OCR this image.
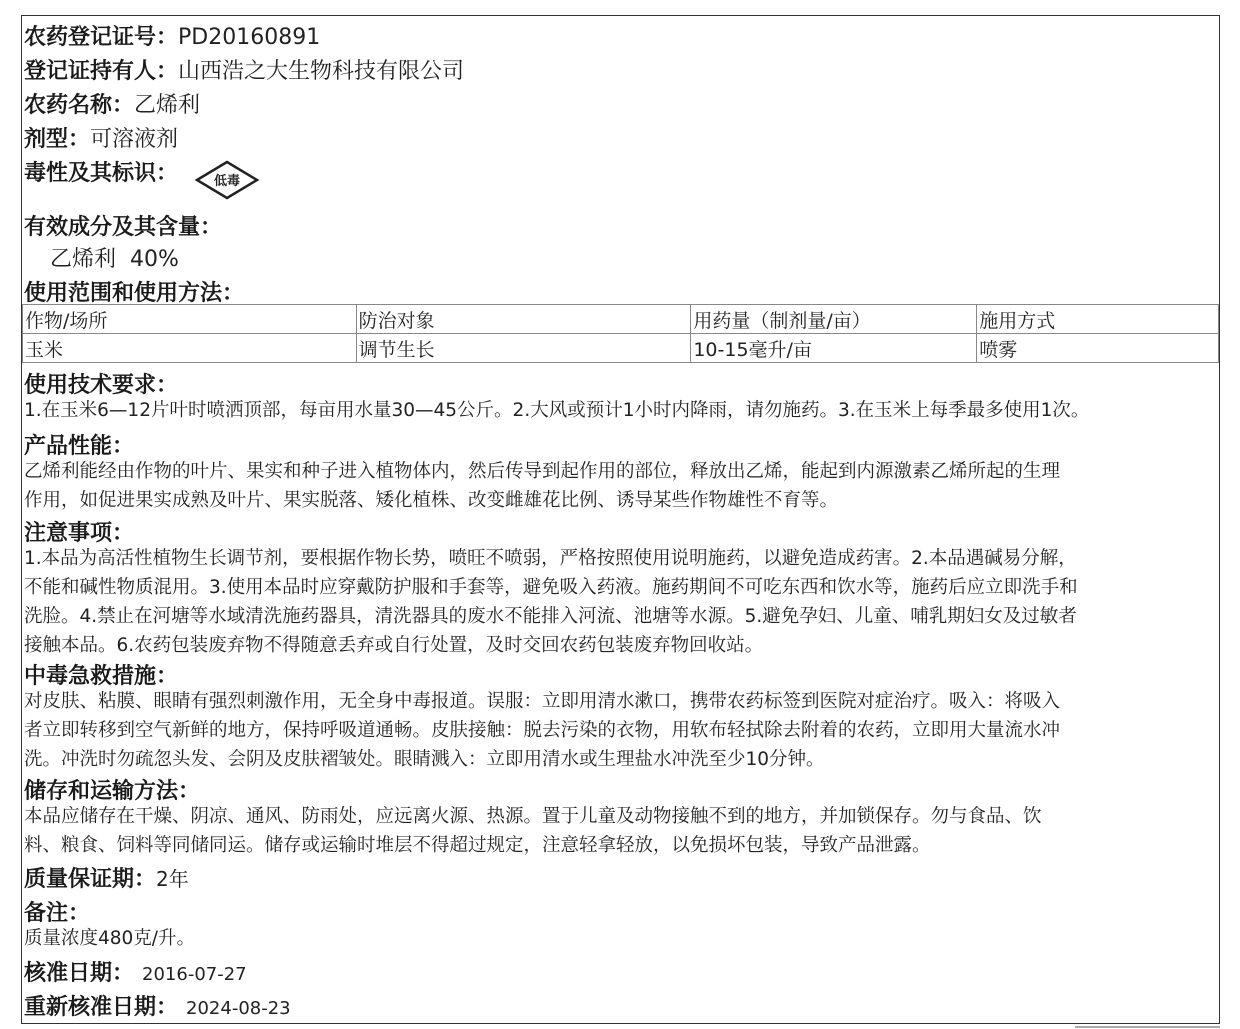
农药登记证号：PD20160891
登记证持有人：山西浩之大生物科技有限公司
农药名称：乙烯利
剂型：可溶液剂
毒性及其标识：	低毒
有效成分及其含量：
乙烯利  40%
使用范围和使用方法：
作物/场所	防治对象	用药量（制剂量/亩）	施用方式
玉米	调节生长	10-15毫升/亩	喷雾
使用技术要求：
1.在玉米6—12片叶时喷洒顶部，每亩用水量30—45公斤。2.大风或预计1小时内降雨，请勿施药。3.在玉米上每季最多使用1次。
产品性能：
乙烯利能经由作物的叶片、果实和种子进入植物体内，然后传导到起作用的部位，释放出乙烯，能起到内源激素乙烯所起的生理
作用，如促进果实成熟及叶片、果实脱落、矮化植株、改变雌雄花比例、诱导某些作物雄性不育等。
注意事项：
1.本品为高活性植物生长调节剂，要根据作物长势，喷旺不喷弱，严格按照使用说明施药，以避免造成药害。2.本品遇碱易分解，
不能和碱性物质混用。3.使用本品时应穿戴防护服和手套等，避免吸入药液。施药期间不可吃东西和饮水等，施药后应立即洗手和
洗脸。4.禁止在河塘等水域清洗施药器具，清洗器具的废水不能排入河流、池塘等水源。5.避免孕妇、儿童、哺乳期妇女及过敏者
接触本品。6.农药包装废弃物不得随意丢弃或自行处置，及时交回农药包装废弃物回收站。
中毒急救措施：
对皮肤、粘膜、眼睛有强烈刺激作用，无全身中毒报道。误服：立即用清水漱口，携带农药标签到医院对症治疗。吸入：将吸入
者立即转移到空气新鲜的地方，保持呼吸道通畅。皮肤接触：脱去污染的衣物，用软布轻拭除去附着的农药，立即用大量流水冲
洗。冲洗时勿疏忽头发、会阴及皮肤褶皱处。眼睛溅入：立即用清水或生理盐水冲洗至少10分钟。
储存和运输方法：
本品应储存在干燥、阴凉、通风、防雨处，应远离火源、热源。置于儿童及动物接触不到的地方，并加锁保存。勿与食品、饮
料、粮食、饲料等同储同运。储存或运输时堆层不得超过规定，注意轻拿轻放，以免损坏包装，导致产品泄露。
质量保证期：2年
备注：
质量浓度480克/升。
核准日期： 2016-07-27
重新核准日期： 2024-08-23
